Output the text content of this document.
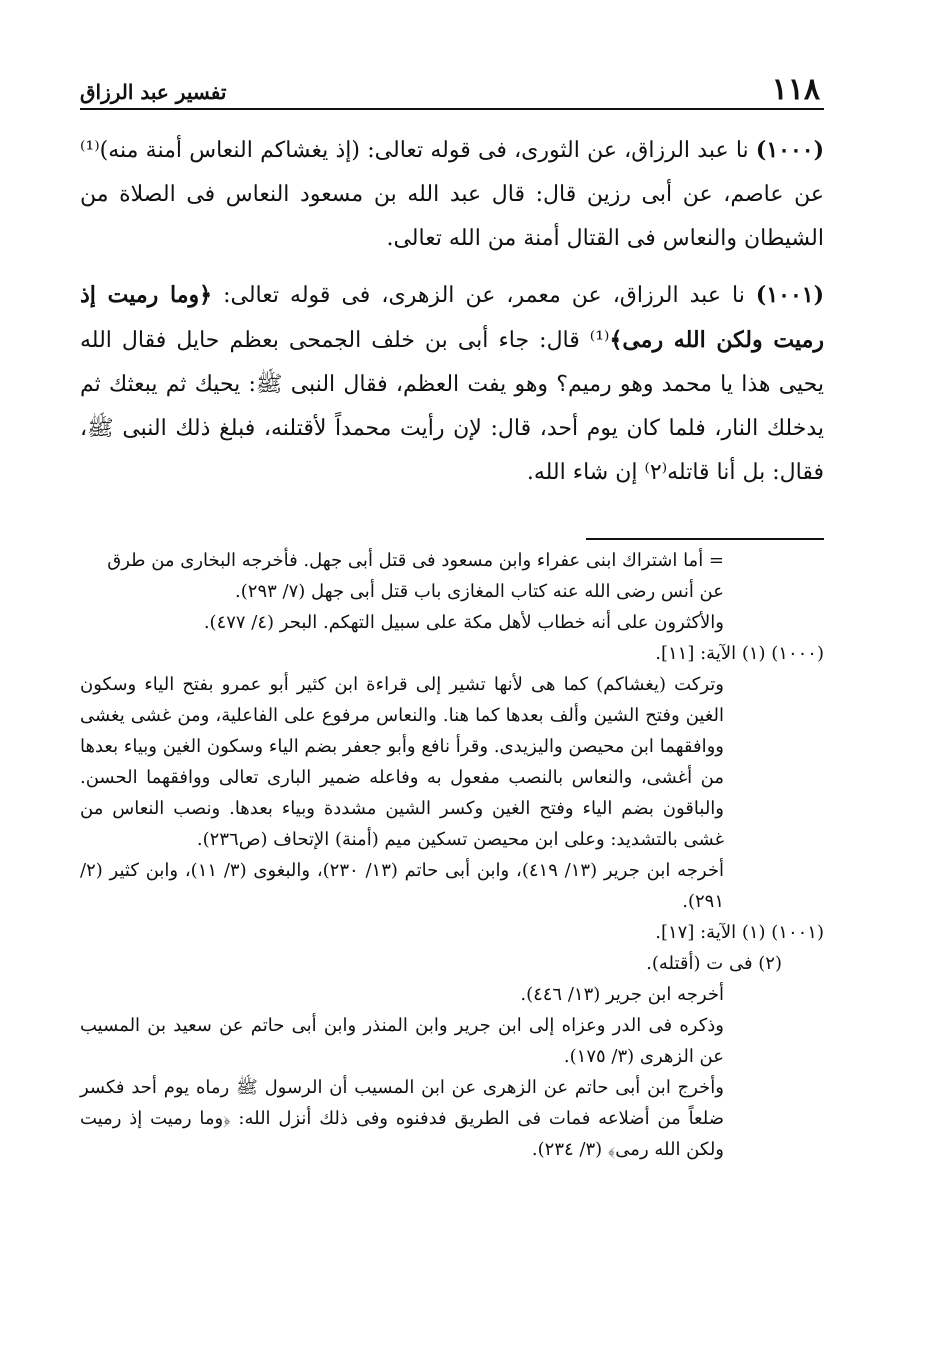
١١٨
تفسير عبد الرزاق

(١٠٠٠) نا عبد الرزاق، عن الثورى، فى قوله تعالى: (إذ يغشاكم النعاس أمنة منه)⁽¹⁾ عن عاصم، عن أبى رزين قال: قال عبد الله بن مسعود النعاس فى الصلاة من الشيطان والنعاس فى القتال أمنة من الله تعالى.

(١٠٠١) نا عبد الرزاق، عن معمر، عن الزهرى، فى قوله تعالى: ﴿وما رميت إذ رميت ولكن الله رمى﴾⁽¹⁾ قال: جاء أبى بن خلف الجمحى بعظم حايل فقال الله يحيى هذا يا محمد وهو رميم؟ وهو يفت العظم، فقال النبى ﷺ: يحيك ثم يبعثك ثم يدخلك النار، فلما كان يوم أحد، قال: لإن رأيت محمداً لأقتلنه، فبلغ ذلك النبى ﷺ، فقال: بل أنا قاتله⁽٢⁾ إن شاء الله.

= أما اشتراك ابنى عفراء وابن مسعود فى قتل أبى جهل. فأخرجه البخارى من طرق
عن أنس رضى الله عنه كتاب المغازى باب قتل أبى جهل (٧/ ٢٩٣).
والأكثرون على أنه خطاب لأهل مكة على سبيل التهكم. البحر (٤/ ٤٧٧).
(١٠٠٠) (١) الآية: [١١].
وتركت (يغشاكم) كما هى لأنها تشير إلى قراءة ابن كثير أبو عمرو بفتح الياء وسكون الغين وفتح الشين وألف بعدها كما هنا. والنعاس مرفوع على الفاعلية، ومن غشى يغشى ووافقهما ابن محيصن واليزيدى. وقرأ نافع وأبو جعفر بضم الياء وسكون الغين وبياء بعدها من أغشى، والنعاس بالنصب مفعول به وفاعله ضمير البارى تعالى ووافقهما الحسن. والباقون بضم الياء وفتح الغين وكسر الشين مشددة وبياء بعدها. ونصب النعاس من غشى بالتشديد: وعلى ابن محيصن تسكين ميم (أمنة) الإتحاف (ص٢٣٦).
أخرجه ابن جرير (١٣/ ٤١٩)، وابن أبى حاتم (١٣/ ٢٣٠)، والبغوى (٣/ ١١)، وابن كثير (٢/ ٢٩١).
(١٠٠١) (١) الآية: [١٧].
(٢) فى ت (أقتله).
أخرجه ابن جرير (١٣/ ٤٤٦).
وذكره فى الدر وعزاه إلى ابن جرير وابن المنذر وابن أبى حاتم عن سعيد بن المسيب عن الزهرى (٣/ ١٧٥).
وأخرج ابن أبى حاتم عن الزهرى عن ابن المسيب أن الرسول ﷺ رماه يوم أحد فكسر ضلعاً من أضلاعه فمات فى الطريق فدفنوه وفى ذلك أنزل الله: ﴿وما رميت إذ رميت ولكن الله رمى﴾ (٣/ ٢٣٤).
